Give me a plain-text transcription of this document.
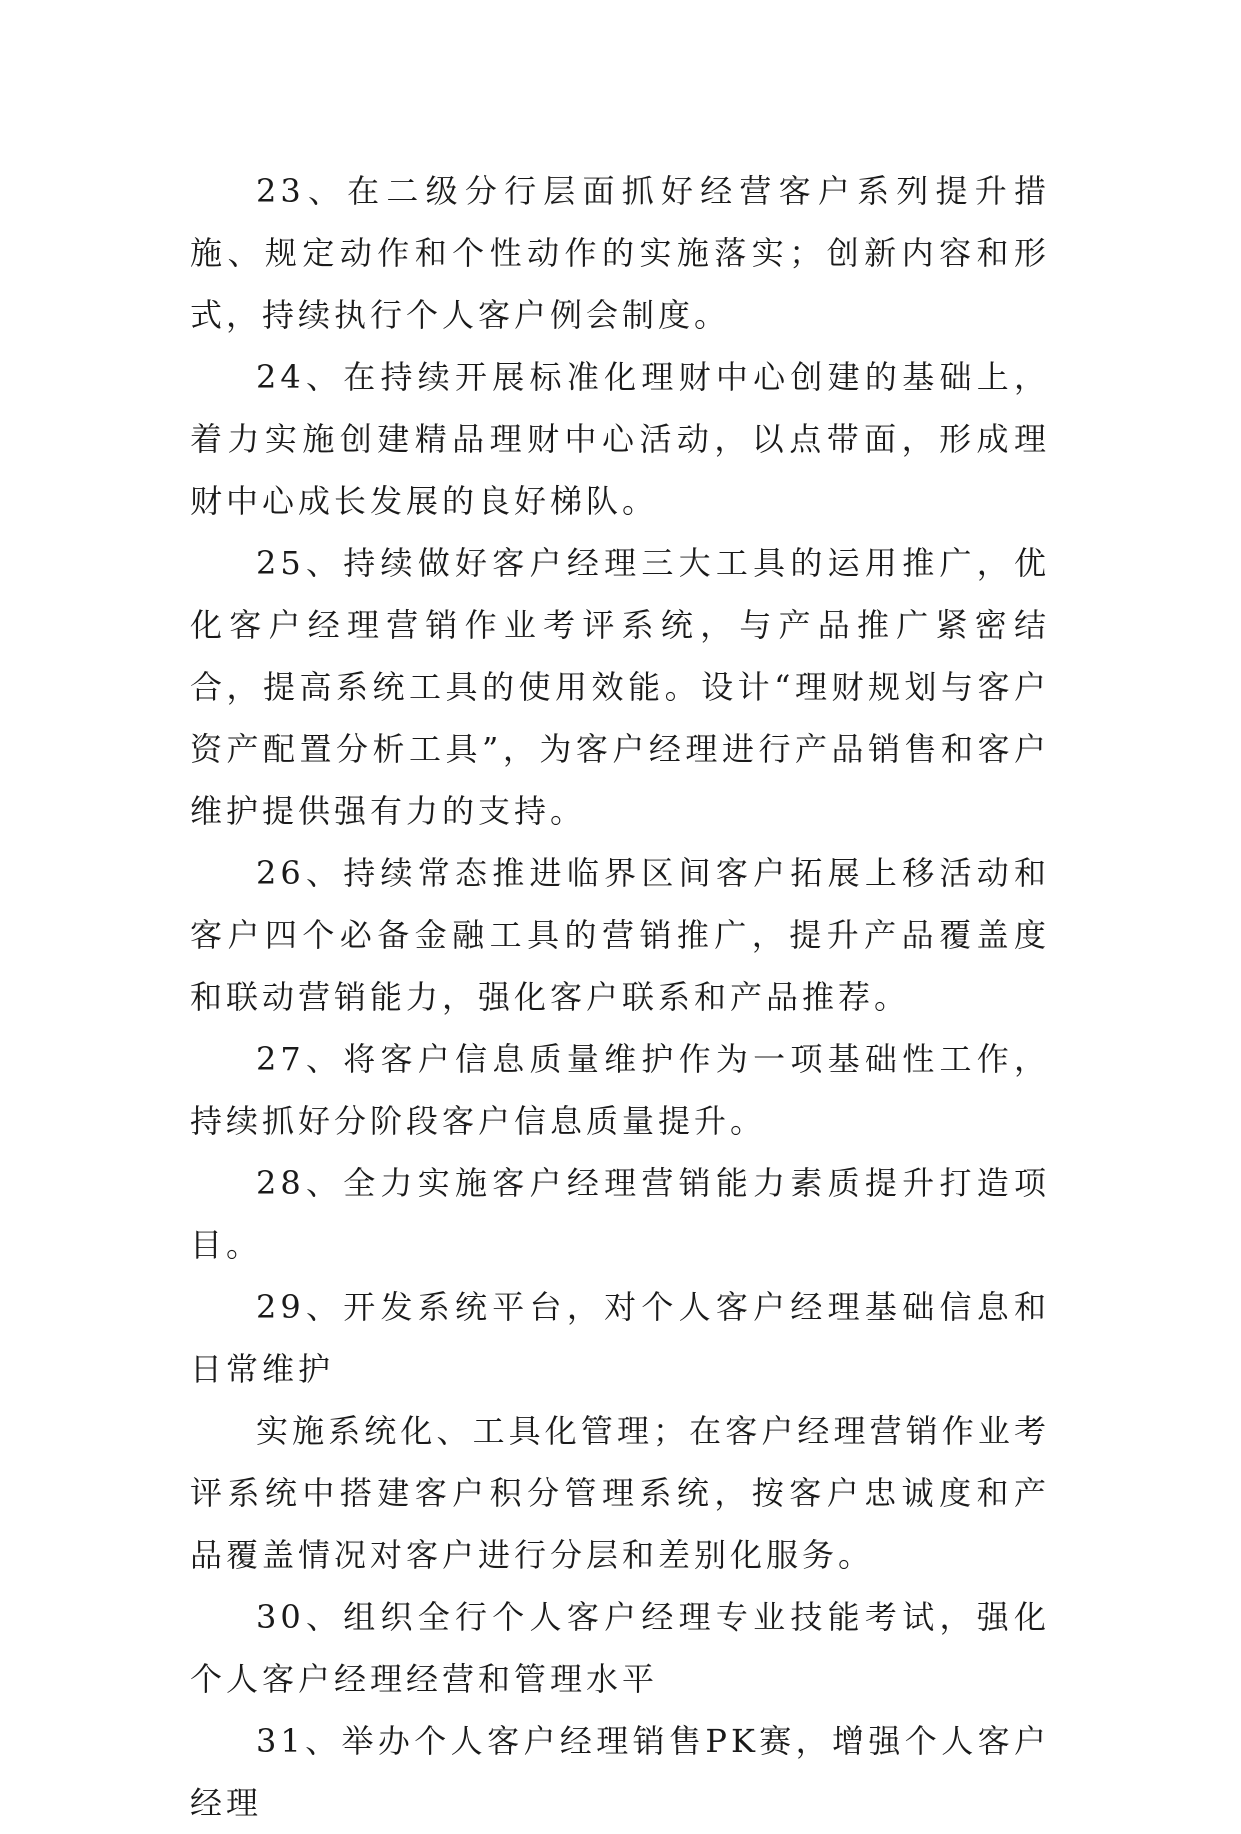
23、在二级分行层面抓好经营客户系列提升措施、规定动作和个性动作的实施落实；创新内容和形式，持续执行个人客户例会制度。

24、在持续开展标准化理财中心创建的基础上，着力实施创建精品理财中心活动，以点带面，形成理财中心成长发展的良好梯队。

25、持续做好客户经理三大工具的运用推广，优化客户经理营销作业考评系统，与产品推广紧密结合，提高系统工具的使用效能。设计“理财规划与客户资产配置分析工具”，为客户经理进行产品销售和客户维护提供强有力的支持。

26、持续常态推进临界区间客户拓展上移活动和客户四个必备金融工具的营销推广，提升产品覆盖度和联动营销能力，强化客户联系和产品推荐。

27、将客户信息质量维护作为一项基础性工作，持续抓好分阶段客户信息质量提升。

28、全力实施客户经理营销能力素质提升打造项目。

29、开发系统平台，对个人客户经理基础信息和日常维护

实施系统化、工具化管理；在客户经理营销作业考评系统中搭建客户积分管理系统，按客户忠诚度和产品覆盖情况对客户进行分层和差别化服务。

30、组织全行个人客户经理专业技能考试，强化个人客户经理经营和管理水平

31、举办个人客户经理销售PK赛，增强个人客户经理
